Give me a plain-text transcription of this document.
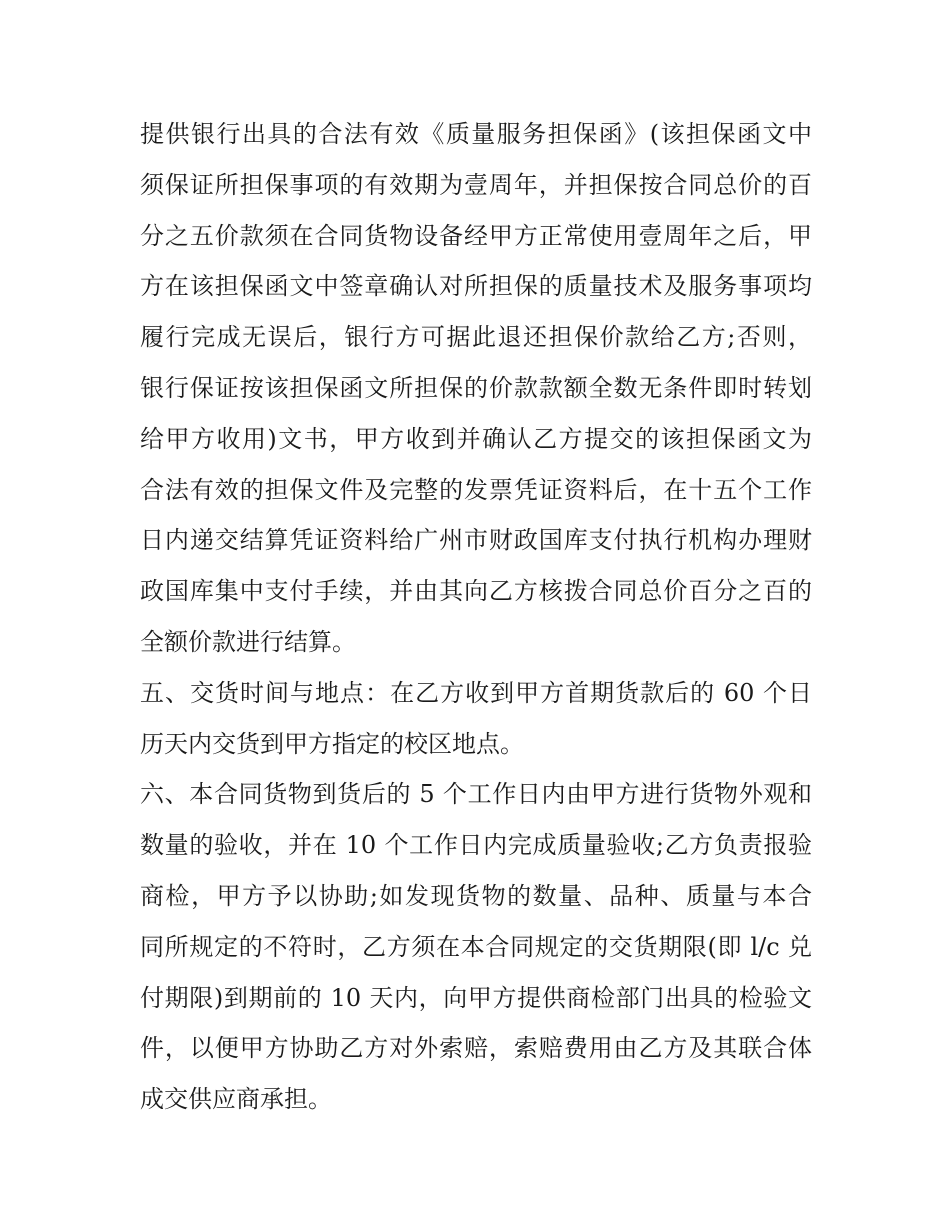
提供银行出具的合法有效《质量服务担保函》(该担保函文中
须保证所担保事项的有效期为壹周年，并担保按合同总价的百
分之五价款须在合同货物设备经甲方正常使用壹周年之后，甲
方在该担保函文中签章确认对所担保的质量技术及服务事项均
履行完成无误后，银行方可据此退还担保价款给乙方;否则，
银行保证按该担保函文所担保的价款款额全数无条件即时转划
给甲方收用)文书，甲方收到并确认乙方提交的该担保函文为
合法有效的担保文件及完整的发票凭证资料后，在十五个工作
日内递交结算凭证资料给广州市财政国库支付执行机构办理财
政国库集中支付手续，并由其向乙方核拨合同总价百分之百的
全额价款进行结算。
五、交货时间与地点：在乙方收到甲方首期货款后的 60 个日
历天内交货到甲方指定的校区地点。
六、本合同货物到货后的 5 个工作日内由甲方进行货物外观和
数量的验收，并在 10 个工作日内完成质量验收;乙方负责报验
商检，甲方予以协助;如发现货物的数量、品种、质量与本合
同所规定的不符时，乙方须在本合同规定的交货期限(即 l/c 兑
付期限)到期前的 10 天内，向甲方提供商检部门出具的检验文
件，以便甲方协助乙方对外索赔，索赔费用由乙方及其联合体
成交供应商承担。
